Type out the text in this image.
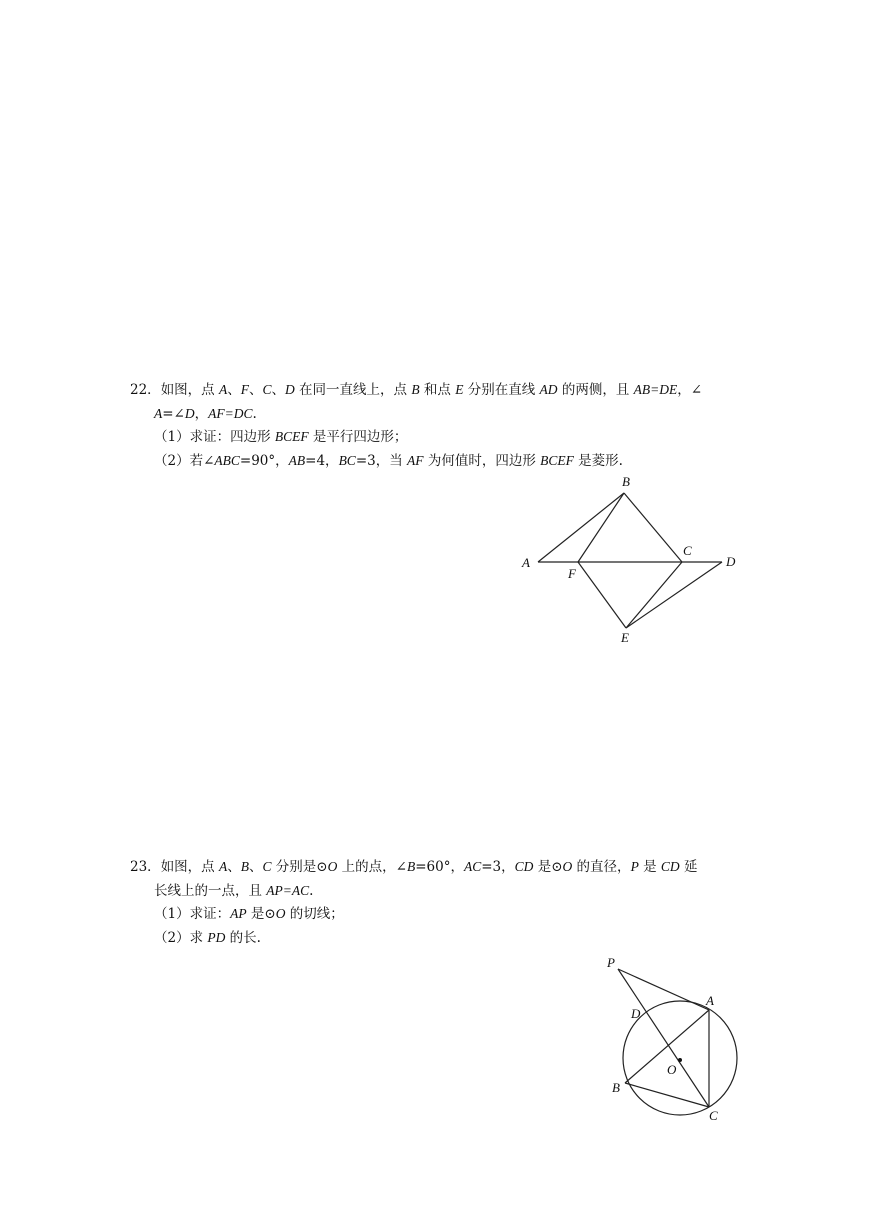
22．如图，点 A、F、C、D 在同一直线上，点 B 和点 E 分别在直线 AD 的两侧，且 AB=DE，∠
A=∠D，AF=DC.
（1）求证：四边形 BCEF 是平行四边形；
（2）若∠ABC=90°，AB=4，BC=3，当 AF 为何值时，四边形 BCEF 是菱形.
A
B
C
D
E
F
23．如图，点 A、B、C 分别是⊙O 上的点，∠B=60°，AC=3，CD 是⊙O 的直径，P 是 CD 延
长线上的一点，且 AP=AC.
（1）求证：AP 是⊙O 的切线；
（2）求 PD 的长.
P
A
D
O
B
C
